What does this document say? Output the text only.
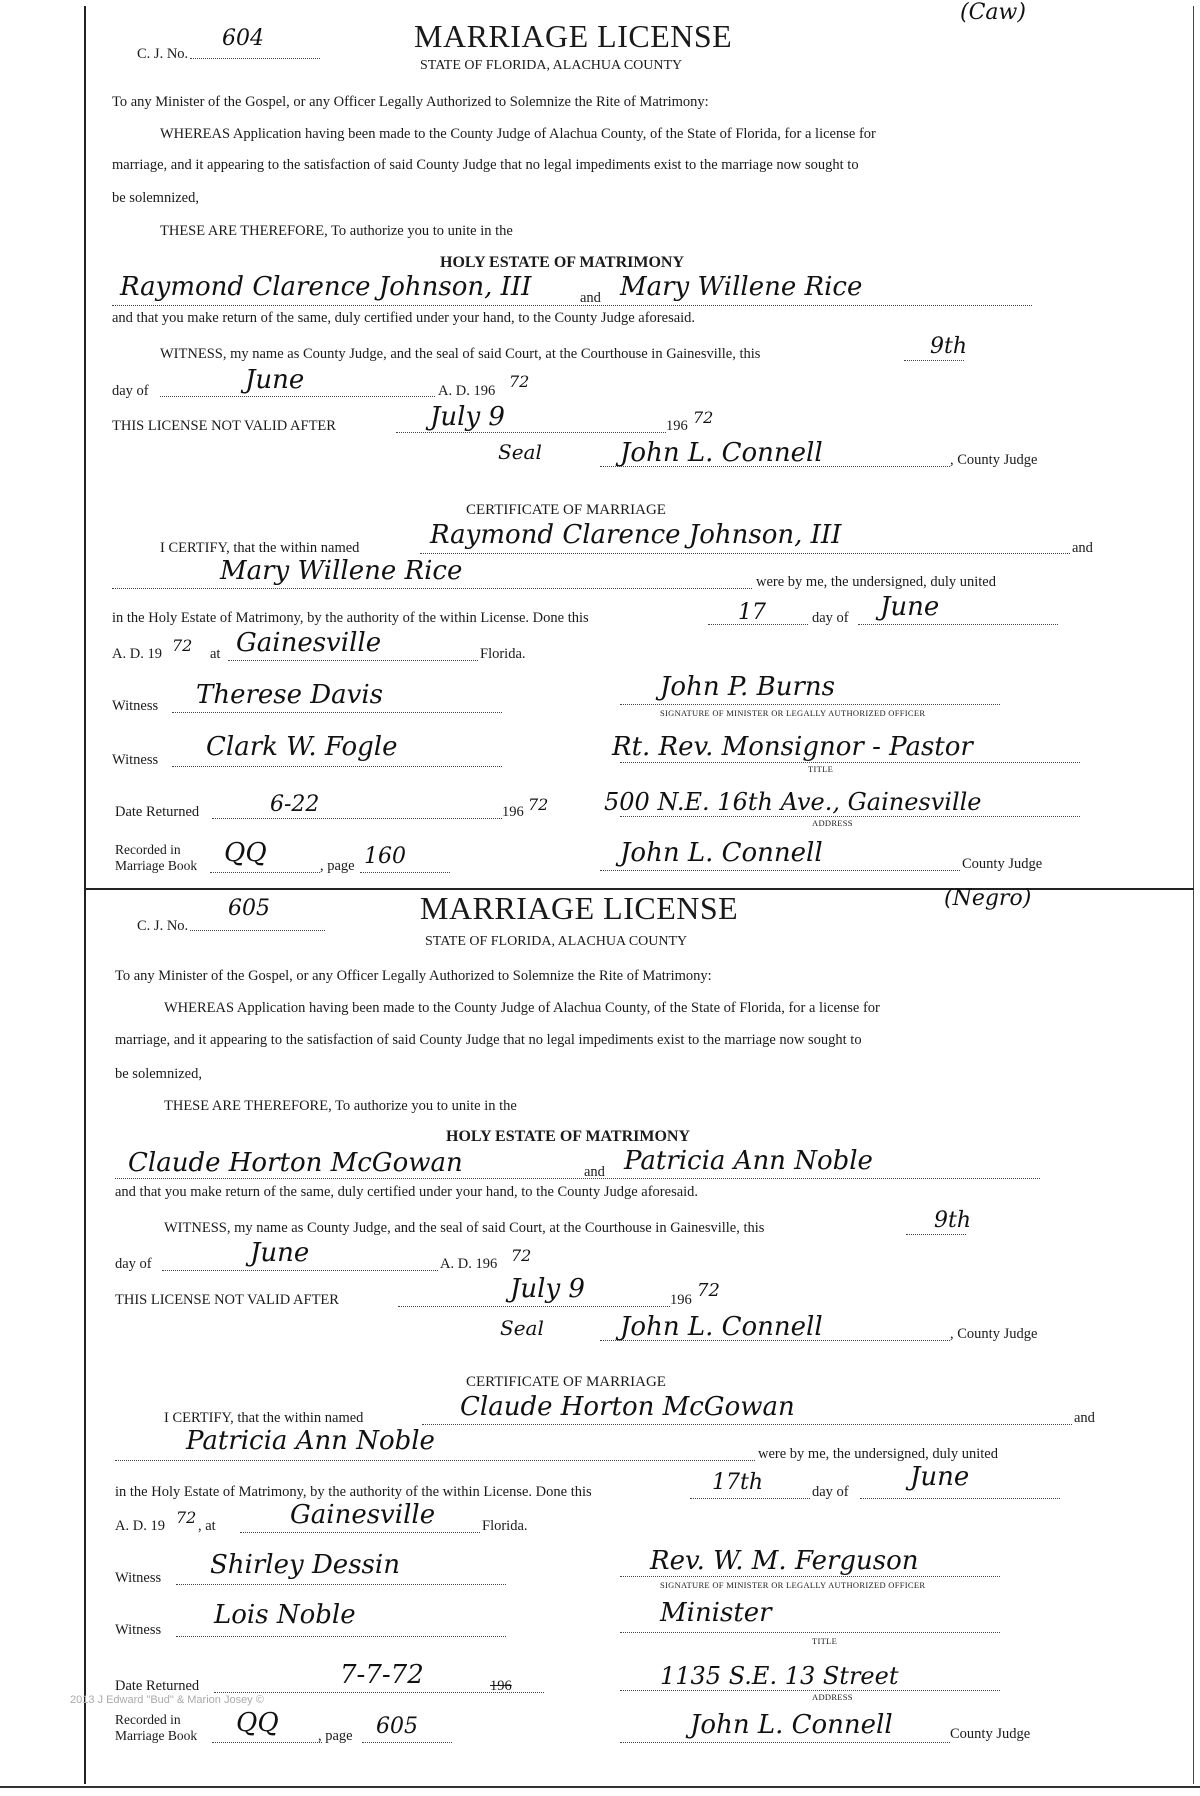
C. J. No.
604	MARRIAGE LICENSE
(Caw)
STATE OF FLORIDA, ALACHUA COUNTY
To any Minister of the Gospel, or any Officer Legally Authorized to Solemnize the Rite of Matrimony:
WHEREAS Application having been made to the County Judge of Alachua County, of the State of Florida, for a license for
marriage, and it appearing to the satisfaction of said County Judge that no legal impediments exist to the marriage now sought to
be solemnized,
THESE ARE THEREFORE, To authorize you to unite in the
HOLY ESTATE OF MATRIMONY
Raymond Clarence Johnson, III	and Mary Willene Rice
and that you make return of the same, duly certified under your hand, to the County Judge aforesaid.
WITNESS, my name as County Judge, and the seal of said Court, at the Courthouse in Gainesville, this	9th
day of	June	A. D. 196 72
THIS LICENSE NOT VALID AFTER	July 9	196 72
Seal	John L. Connell	, County Judge
CERTIFICATE OF MARRIAGE
I CERTIFY, that the within named	Raymond Clarence Johnson, III	and
Mary Willene Rice	were by me, the undersigned, duly united
in the Holy Estate of Matrimony, by the authority of the within License. Done this	17	day of June
A. D. 19 72 at Gainesville	Florida.
Witness Therese Davis	John P. Burns
SIGNATURE OF MINISTER OR LEGALLY AUTHORIZED OFFICER
Witness Clark W. Fogle	Rt. Rev. Monsignor - Pastor
TITLE
Date Returned	6-22	196 72 500 N.E. 16th Ave., Gainesville
ADDRESS
Recorded in
Marriage Book QQ	, page 160	John L. Connell	County Judge
C. J. No.
605	MARRIAGE LICENSE	(Negro)
STATE OF FLORIDA, ALACHUA COUNTY
To any Minister of the Gospel, or any Officer Legally Authorized to Solemnize the Rite of Matrimony:
WHEREAS Application having been made to the County Judge of Alachua County, of the State of Florida, for a license for
marriage, and it appearing to the satisfaction of said County Judge that no legal impediments exist to the marriage now sought to
be solemnized,
THESE ARE THEREFORE, To authorize you to unite in the
HOLY ESTATE OF MATRIMONY
Claude Horton McGowan	and Patricia Ann Noble
and that you make return of the same, duly certified under your hand, to the County Judge aforesaid.
WITNESS, my name as County Judge, and the seal of said Court, at the Courthouse in Gainesville, this	9th
day of	June	A. D. 196 72
THIS LICENSE NOT VALID AFTER	July 9	196 72
Seal	John L. Connell	, County Judge
CERTIFICATE OF MARRIAGE
I CERTIFY, that the within named	Claude Horton McGowan	and
Patricia Ann Noble	were by me, the undersigned, duly united
in the Holy Estate of Matrimony, by the authority of the within License. Done this	17th	day of June
A. D. 19 72 , at	Gainesville	Florida.
Witness Shirley Dessin	Rev. W. M. Ferguson
SIGNATURE OF MINISTER OR LEGALLY AUTHORIZED OFFICER
Witness Lois Noble	Minister
TITLE
Date Returned	7-7-72	196	1135 S.E. 13 Street
ADDRESS
Recorded in
Marriage Book QQ	, page 605	John L. Connell	County Judge
2013 J Edward "Bud" & Marion Josey ©
